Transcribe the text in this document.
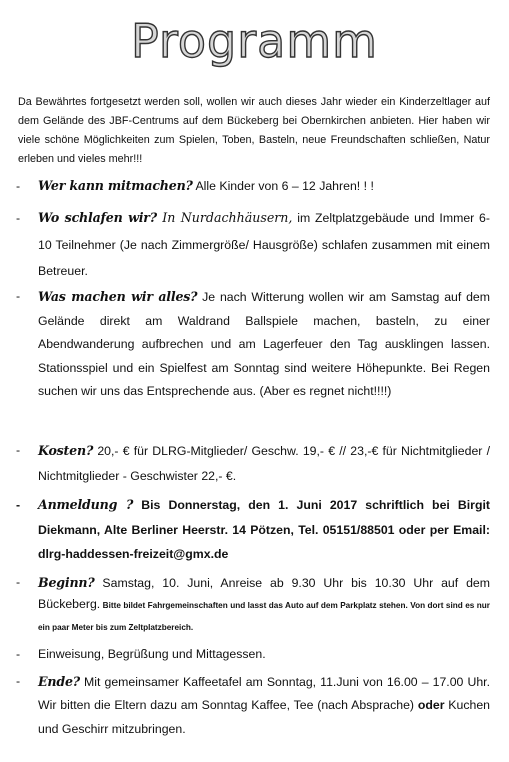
Programm
Da Bewährtes fortgesetzt werden soll, wollen wir auch dieses Jahr wieder ein Kinderzeltlager auf dem Gelände des JBF-Centrums auf dem Bückeberg bei Obernkirchen anbieten. Hier haben wir viele schöne Möglichkeiten zum Spielen, Toben, Basteln, neue Freundschaften schließen, Natur erleben und vieles mehr!!!
- Wer kann mitmachen? Alle Kinder von 6 – 12 Jahren! ! !
- Wo schlafen wir? In Nurdachhäusern, im Zeltplatzgebäude und Immer 6-10 Teilnehmer (Je nach Zimmergröße/ Hausgröße) schlafen zusammen mit einem Betreuer.
- Was machen wir alles? Je nach Witterung wollen wir am Samstag auf dem Gelände direkt am Waldrand Ballspiele machen, basteln, zu einer Abendwanderung aufbrechen und am Lagerfeuer den Tag ausklingen lassen. Stationsspiel und ein Spielfest am Sonntag sind weitere Höhepunkte. Bei Regen suchen wir uns das Entsprechende aus. (Aber es regnet nicht!!!!)
- Kosten? 20,- € für DLRG-Mitglieder/ Geschw. 19,- € // 23,-€ für Nichtmitglieder / Nichtmitglieder - Geschwister 22,- €.
- Anmeldung ? Bis Donnerstag, den 1. Juni 2017 schriftlich bei Birgit Diekmann, Alte Berliner Heerstr. 14 Pötzen, Tel. 05151/88501 oder per Email: dlrg-haddessen-freizeit@gmx.de
- Beginn? Samstag, 10. Juni, Anreise ab 9.30 Uhr bis 10.30 Uhr auf dem Bückeberg. Bitte bildet Fahrgemeinschaften und lasst das Auto auf dem Parkplatz stehen. Von dort sind es nur ein paar Meter bis zum Zeltplatzbereich.
- Einweisung, Begrüßung und Mittagessen.
- Ende? Mit gemeinsamer Kaffeetafel am Sonntag, 11.Juni von 16.00 – 17.00 Uhr. Wir bitten die Eltern dazu am Sonntag Kaffee, Tee (nach Absprache) oder Kuchen und Geschirr mitzubringen.
